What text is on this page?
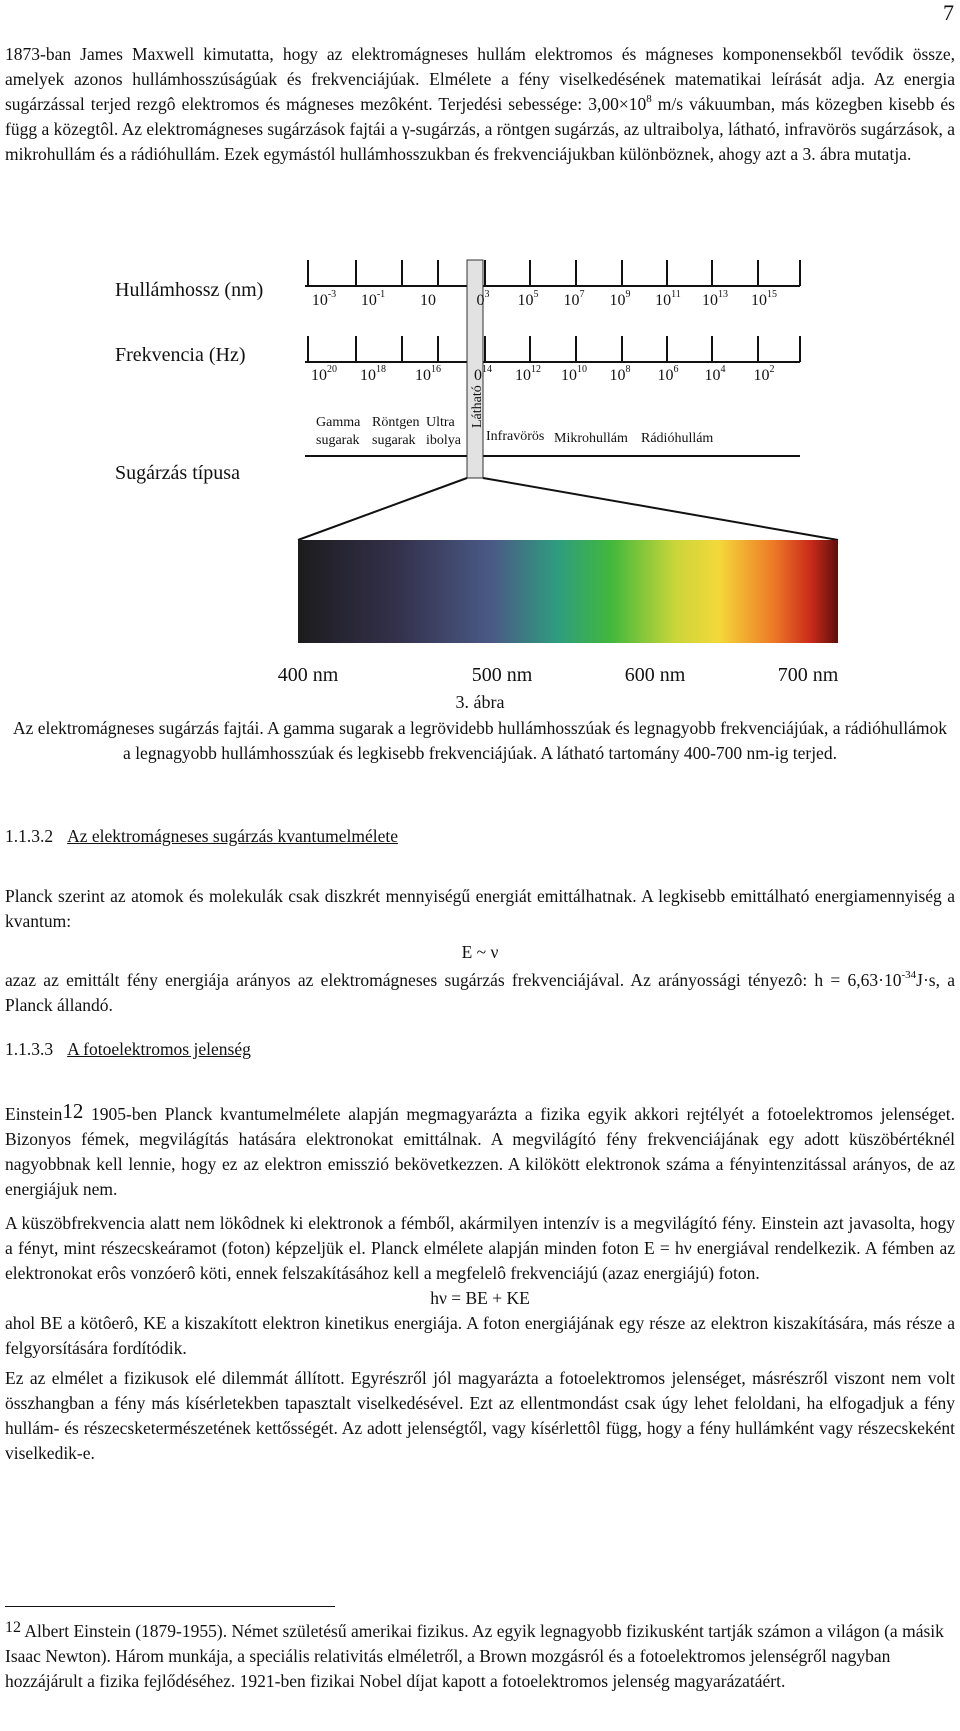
7
1873-ban James Maxwell kimutatta, hogy az elektromágneses hullám elektromos és mágneses komponensekből tevődik össze, amelyek azonos hullámhosszúságúak és frekvenciájúak. Elmélete a fény viselkedésének matematikai leírását adja. Az energia sugárzással terjed rezgô elektromos és mágneses mezôként. Terjedési sebessége: $3,00\times 10^8$ m/s vákuumban, más közegben kisebb és függ a közegtôl. Az elektromágneses sugárzások fajtái a γ-sugárzás, a röntgen sugárzás, az ultraibolya, látható, infravörös sugárzások, a mikrohullám és a rádióhullám. Ezek egymástól hullámhosszukban és frekvenciájukban különböznek, ahogy azt a 3. ábra mutatja.
Hullámhossz (nm)
Frekvencia (Hz)
Sugárzás típusa
Látható
$10^{-3}$ $10^{-1}$ 10	$0^3$ $10^5$ $10^7$ $10^9$ $10^{11}$ $10^{13}$ $10^{15}$
$10^{20}$ $10^{18}$ $10^{16}$ $0^{14}$ $10^{12}$ $10^{10}$ $10^8$ $10^6$ $10^4$ $10^2$
Gamma
sugarak
Röntgen
sugarak
Ultra
ibolya Infravörös Mikrohullám Rádióhullám
400 nm	500 nm	600 nm	700 nm
3. ábra
Az elektromágneses sugárzás fajtái. A gamma sugarak a legrövidebb hullámhosszúak és legnagyobb frekvenciájúak, a rádióhullámok a legnagyobb hullámhosszúak és legkisebb frekvenciájúak. A látható tartomány 400-700 nm-ig terjed.
1.1.3.2 Az elektromágneses sugárzás kvantumelmélete

Planck szerint az atomok és molekulák csak diszkrét mennyiségű energiát emittálhatnak. A legkisebb emittálható energiamennyiség a kvantum:

E ~ ν

azaz az emittált fény energiája arányos az elektromágneses sugárzás frekvenciájával. Az arányossági tényezô: $h = 6,63\cdot 10^{-34}J\cdot s$, a Planck állandó.

1.1.3.3 A fotoelektromos jelenség
Einstein12 1905-ben Planck kvantumelmélete alapján megmagyarázta a fizika egyik akkori rejtélyét a fotoelektromos jelenséget. Bizonyos fémek, megvilágítás hatására elektronokat emittálnak. A megvilágító fény frekvenciájának egy adott küszöbértéknél nagyobbnak kell lennie, hogy ez az elektron emisszió bekövetkezzen. A kilökött elektronok száma a fényintenzitással arányos, de az energiájuk nem.

A küszöbfrekvencia alatt nem lökôdnek ki elektronok a fémből, akármilyen intenzív is a megvilágító fény. Einstein azt javasolta, hogy a fényt, mint részecskeáramot (foton) képzeljük el. Planck elmélete alapján minden foton E = hν energiával rendelkezik. A fémben az elektronokat erôs vonzóerô köti, ennek felszakításához kell a megfelelô frekvenciájú (azaz energiájú) foton.

hν = BE + KE

ahol BE a kötôerô, KE a kiszakított elektron kinetikus energiája. A foton energiájának egy része az elektron kiszakítására, más része a felgyorsítására fordítódik.

Ez az elmélet a fizikusok elé dilemmát állított. Egyrészről jól magyarázta a fotoelektromos jelenséget, másrészről viszont nem volt összhangban a fény más kísérletekben tapasztalt viselkedésével. Ezt az ellentmondást csak úgy lehet feloldani, ha elfogadjuk a fény hullám- és részecsketermészetének kettősségét. Az adott jelenségtől, vagy kísérlettôl függ, hogy a fény hullámként vagy részecskeként viselkedik-e.
12 Albert Einstein (1879-1955). Német születésű amerikai fizikus. Az egyik legnagyobb fizikusként tartják számon a világon (a másik Isaac Newton). Három munkája, a speciális relativitás elméletről, a Brown mozgásról és a fotoelektromos jelenségről nagyban hozzájárult a fizika fejlődéséhez. 1921-ben fizikai Nobel díjat kapott a fotoelektromos jelenség magyarázatáért.
